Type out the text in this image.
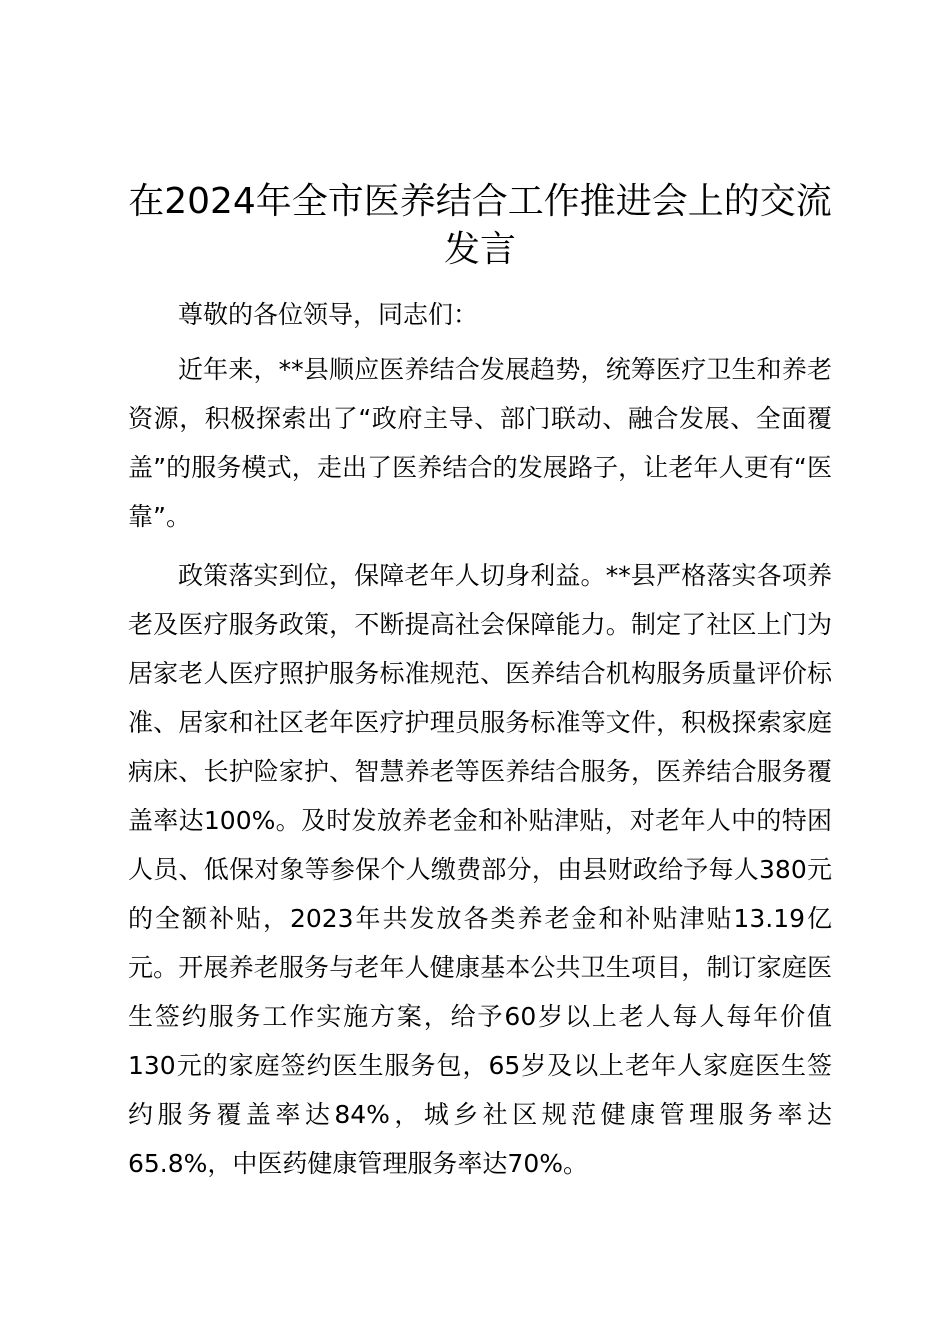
在2024年全市医养结合工作推进会上的交流发言

尊敬的各位领导，同志们：

近年来，**县顺应医养结合发展趋势，统筹医疗卫生和养老资源，积极探索出了“政府主导、部门联动、融合发展、全面覆盖”的服务模式，走出了医养结合的发展路子，让老年人更有“医靠”。

政策落实到位，保障老年人切身利益。**县严格落实各项养老及医疗服务政策，不断提高社会保障能力。制定了社区上门为居家老人医疗照护服务标准规范、医养结合机构服务质量评价标准、居家和社区老年医疗护理员服务标准等文件，积极探索家庭病床、长护险家护、智慧养老等医养结合服务，医养结合服务覆盖率达100%。及时发放养老金和补贴津贴，对老年人中的特困人员、低保对象等参保个人缴费部分，由县财政给予每人380元的全额补贴，2023年共发放各类养老金和补贴津贴13.19亿元。开展养老服务与老年人健康基本公共卫生项目，制订家庭医生签约服务工作实施方案，给予60岁以上老人每人每年价值130元的家庭签约医生服务包，65岁及以上老年人家庭医生签约服务覆盖率达84%，城乡社区规范健康管理服务率达65.8%，中医药健康管理服务率达70%。
